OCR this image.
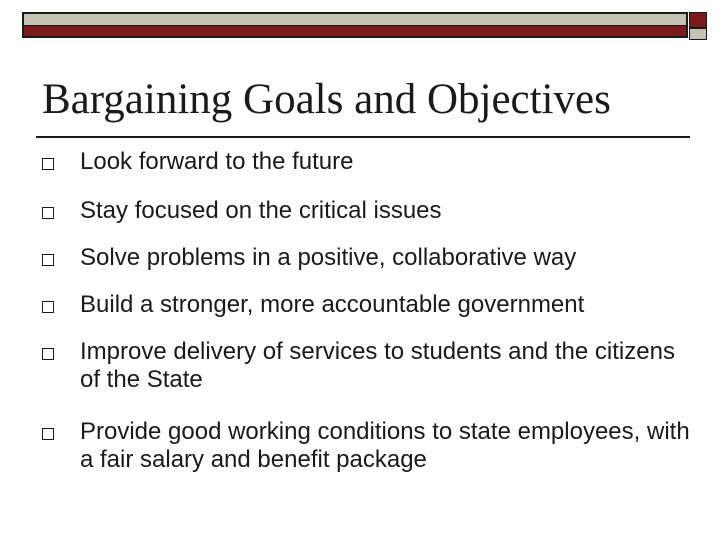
Bargaining Goals and Objectives
Look forward to the future
Stay focused on the critical issues
Solve problems in a positive, collaborative way
Build a stronger, more accountable government
Improve delivery of services to students and the citizens of the State
Provide good working conditions to state employees, with a fair salary and benefit package
